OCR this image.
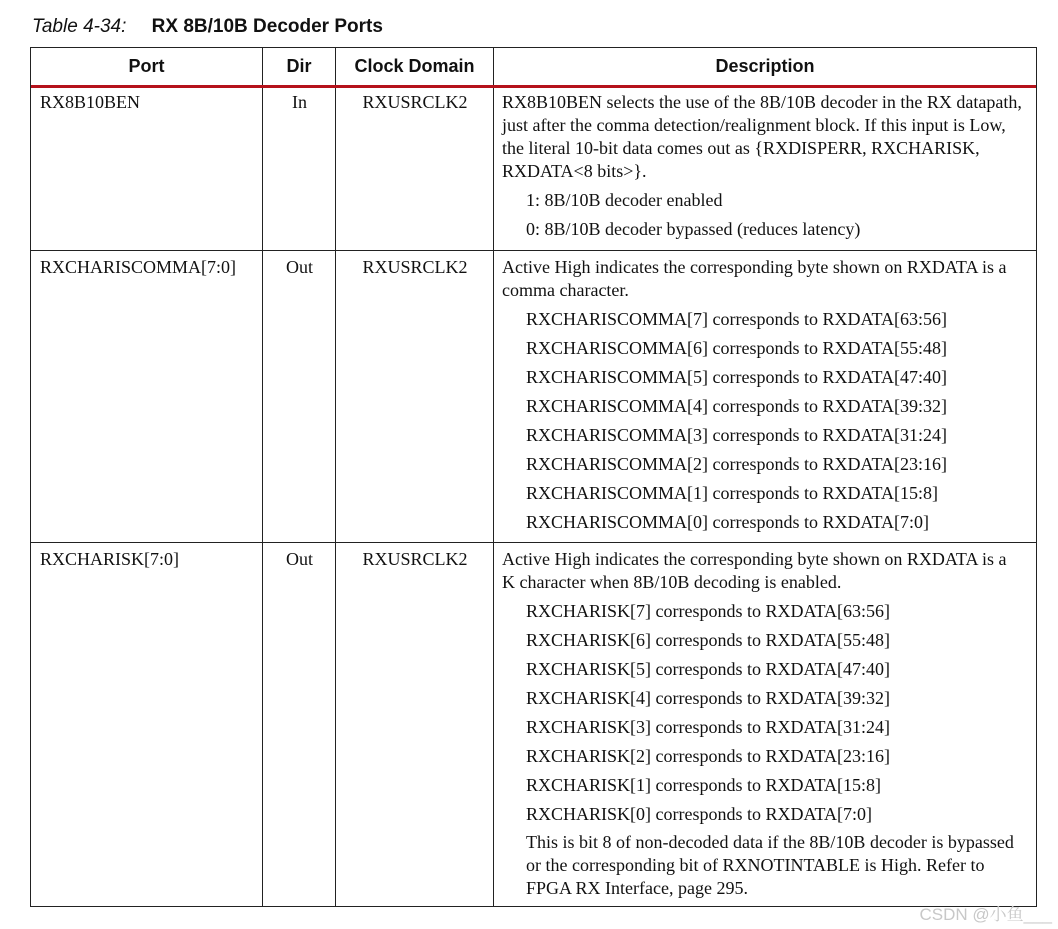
Table 4-34: RX 8B/10B Decoder Ports
Port	Dir	Clock Domain	Description
RX8B10BEN	In	RXUSRCLK2	RX8B10BEN selects the use of the 8B/10B decoder in the RX datapath, just after the comma detection/realignment block. If this input is Low, the literal 10-bit data comes out as {RXDISPERR, RXCHARISK, RXDATA<8 bits>}.

1: 8B/10B decoder enabled
0: 8B/10B decoder bypassed (reduces latency)
RXCHARISCOMMA[7:0]	Out	RXUSRCLK2	Active High indicates the corresponding byte shown on RXDATA is a comma character.

RXCHARISCOMMA[7] corresponds to RXDATA[63:56]
RXCHARISCOMMA[6] corresponds to RXDATA[55:48]
RXCHARISCOMMA[5] corresponds to RXDATA[47:40]
RXCHARISCOMMA[4] corresponds to RXDATA[39:32]
RXCHARISCOMMA[3] corresponds to RXDATA[31:24]
RXCHARISCOMMA[2] corresponds to RXDATA[23:16]
RXCHARISCOMMA[1] corresponds to RXDATA[15:8]
RXCHARISCOMMA[0] corresponds to RXDATA[7:0]
RXCHARISK[7:0]	Out	RXUSRCLK2	Active High indicates the corresponding byte shown on RXDATA is a K character when 8B/10B decoding is enabled.

RXCHARISK[7] corresponds to RXDATA[63:56]
RXCHARISK[6] corresponds to RXDATA[55:48]
RXCHARISK[5] corresponds to RXDATA[47:40]
RXCHARISK[4] corresponds to RXDATA[39:32]
RXCHARISK[3] corresponds to RXDATA[31:24]
RXCHARISK[2] corresponds to RXDATA[23:16]
RXCHARISK[1] corresponds to RXDATA[15:8]
RXCHARISK[0] corresponds to RXDATA[7:0]
This is bit 8 of non-decoded data if the 8B/10B decoder is bypassed or the corresponding bit of RXNOTINTABLE is High. Refer to FPGA RX Interface, page 295.
CSDN @小鱼___
